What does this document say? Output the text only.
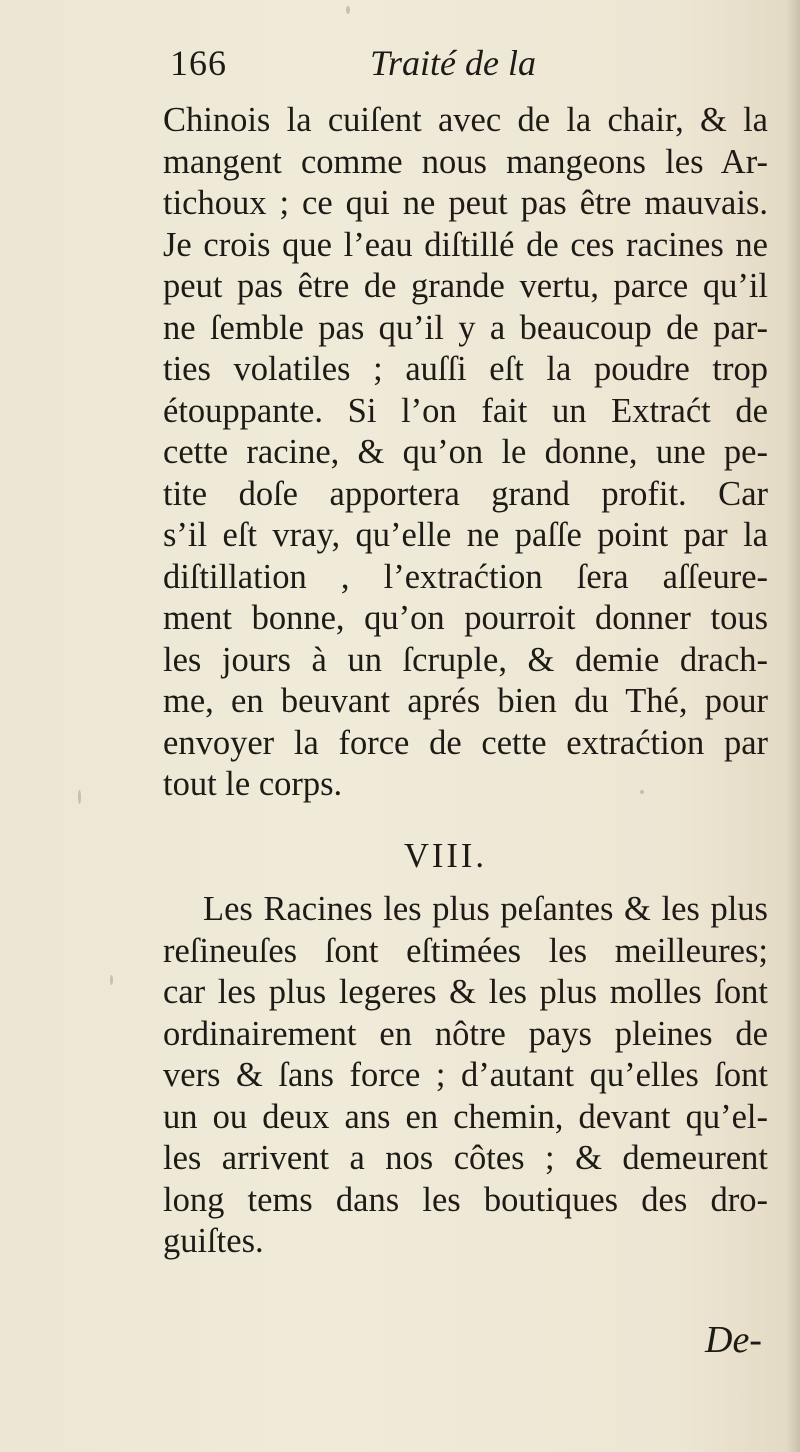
166	Traité de la
Chinois la cuiſent avec de la chair, & la
mangent comme nous mangeons les Ar-
tichoux ; ce qui ne peut pas être mauvais.
Je crois que l’eau diſtillé de ces racines ne
peut pas être de grande vertu, parce qu’il
ne ſemble pas qu’il y a beaucoup de par-
ties volatiles ; auſſi eſt la poudre trop
étouppante. Si l’on fait un Extraćt de
cette racine, & qu’on le donne, une pe-
tite doſe apportera grand profit. Car
s’il eſt vray, qu’elle ne paſſe point par la
diſtillation , l’extraćtion ſera aſſeure-
ment bonne, qu’on pourroit donner tous
les jours à un ſcruple, & demie drach-
me, en beuvant aprés bien du Thé, pour
envoyer la force de cette extraćtion par
tout le corps.
VIII.
Les Racines les plus peſantes & les plus
reſineuſes ſont eſtimées les meilleures;
car les plus legeres & les plus molles ſont
ordinairement en nôtre pays pleines de
vers & ſans force ; d’autant qu’elles ſont
un ou deux ans en chemin, devant qu’el-
les arrivent a nos côtes ; & demeurent
long tems dans les boutiques des dro-
guiſtes.
De-
